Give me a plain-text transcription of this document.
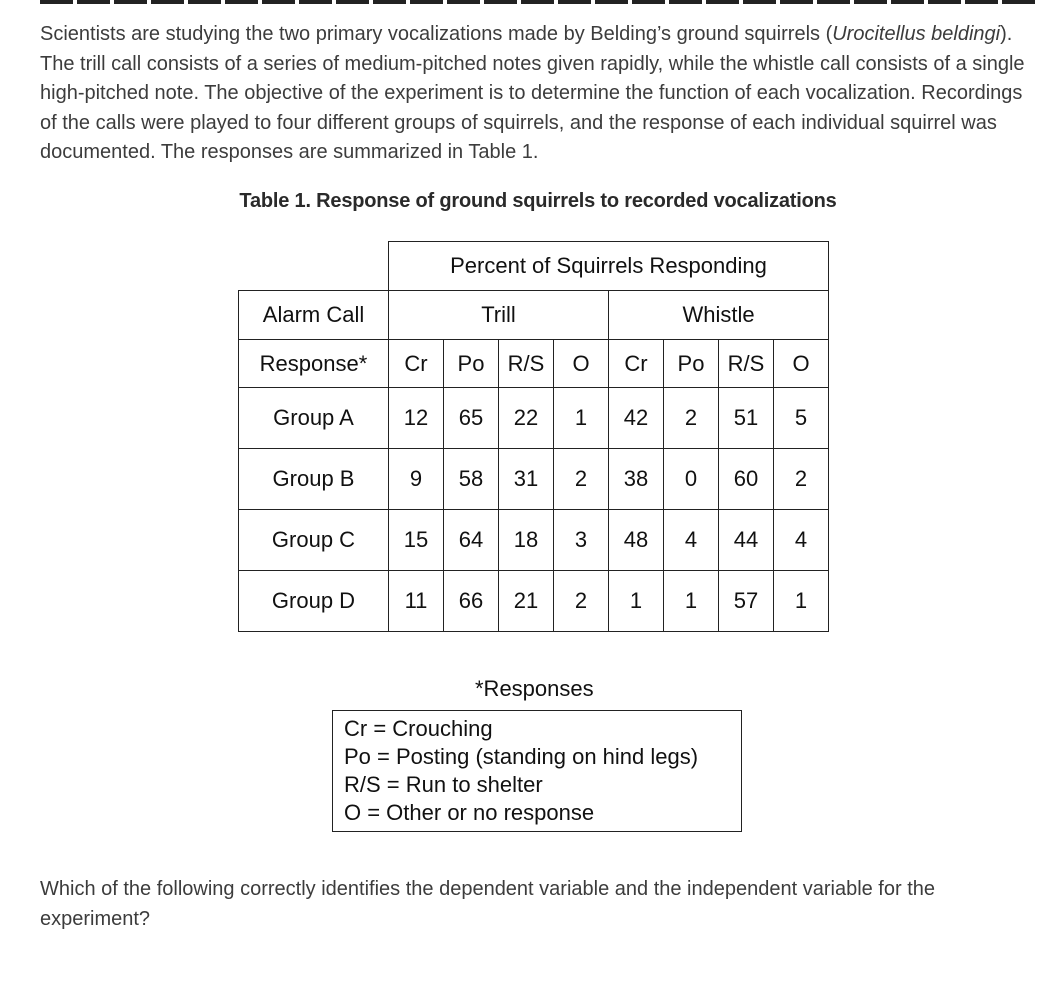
Scientists are studying the two primary vocalizations made by Belding’s ground squirrels (Urocitellus beldingi). The trill call consists of a series of medium-pitched notes given rapidly, while the whistle call consists of a single high-pitched note. The objective of the experiment is to determine the function of each vocalization. Recordings of the calls were played to four different groups of squirrels, and the response of each individual squirrel was documented. The responses are summarized in Table 1.

Table 1. Response of ground squirrels to recorded vocalizations

	Percent of Squirrels Responding							
Alarm Call	Trill				Whistle			
Response*	Cr	Po	R/S	O	Cr	Po	R/S	O
Group A	12	65	22	1	42	2	51	5
Group B	9	58	31	2	38	0	60	2
Group C	15	64	18	3	48	4	44	4
Group D	11	66	21	2	1	1	57	1

*Responses

Cr = Crouching
Po = Posting (standing on hind legs)
R/S = Run to shelter
O = Other or no response

Which of the following correctly identifies the dependent variable and the independent variable for the experiment?
